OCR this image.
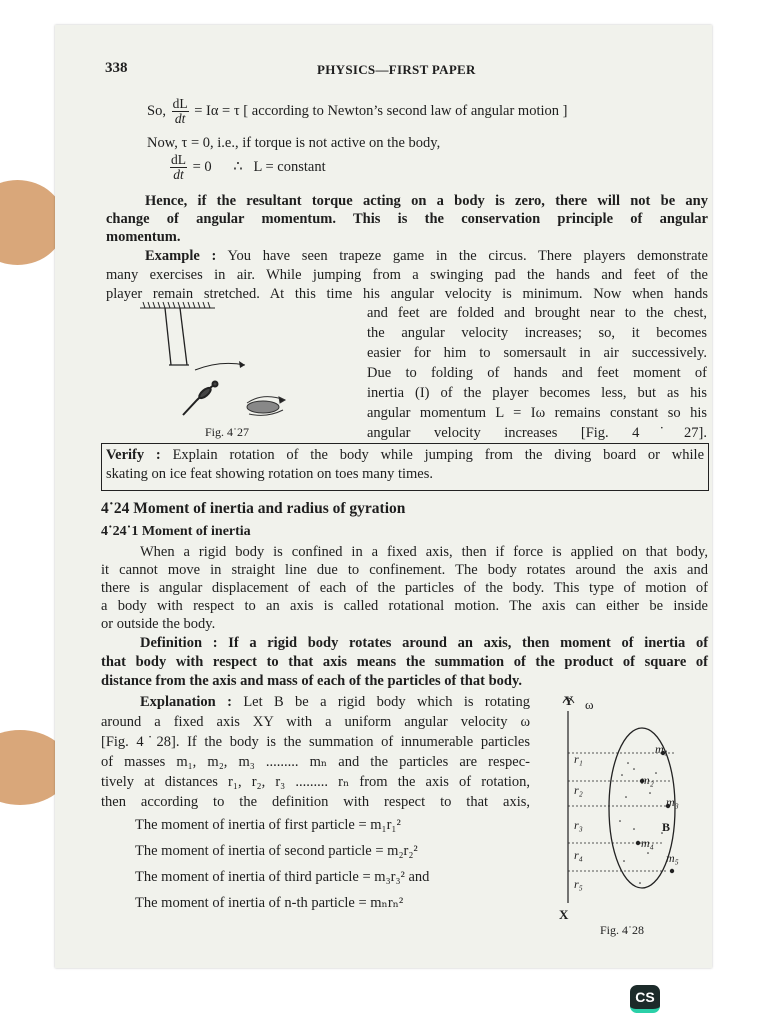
338	PHYSICS—FIRST PAPER
So, $\frac{dL}{dt} = I\alpha = \tau$ [ according to Newton’s second law of angular motion ]
Now, τ = 0, i.e., if torque is not active on the body,
$\frac{dL}{dt} = 0$      ∴   L = constant
Hence, if the resultant torque acting on a body is zero, there will not be any
change of angular momentum. This is the conservation principle of angular
momentum.
Example : You have seen trapeze game in the circus. There players demonstrate
many exercises in air. While jumping from a swinging pad the hands and feet of the
player remain stretched. At this time his angular velocity is minimum. Now when hands
and feet are folded and brought near to the chest,
the angular velocity increases; so, it becomes
easier for him to somersault in air successively.
Due to folding of hands and feet moment of
inertia (I) of the player becomes less, but as his
angular momentum L = Iω remains constant so his
angular velocity increases [Fig. 4˙27].
Fig. 4˙27
Verify : Explain rotation of the body while jumping from the diving board or while
skating on ice feat showing rotation on toes many times.
4˙24 Moment of inertia and radius of gyration
4˙24˙1 Moment of inertia
When a rigid body is confined in a fixed axis, then if force is applied on that body,
it cannot move in straight line due to confinement. The body rotates around the axis and
there is angular displacement of each of the particles of the body. This type of motion of
a body with respect to an axis is called rotational motion. The axis can either be inside
or outside the body.
Definition : If a rigid body rotates around an axis, then moment of inertia of
that body with respect to that axis means the summation of the product of square of
distance from the axis and mass of each of the particles of that body.
Explanation : Let B be a rigid body which is rotating
around a fixed axis XY with a uniform angular velocity ω
[Fig. 4˙28]. If the body is the summation of innumerable particles
of masses m₁, m₂, m₃ ......... mₙ and the particles are respec-
tively at distances r₁, r₂, r₃ ......... rₙ from the axis of rotation,
then according to the definition with respect to that axis,
The moment of inertia of first particle = m₁r₁²
The moment of inertia of second particle = m₂r₂²
The moment of inertia of third particle = m₃r₃² and
The moment of inertia of n-th particle = mₙrₙ²
Y ω
X
r₁
r₂
r₃
r₄
r₅
m₁
m₂
m₃
B
m₄
m₅
Fig. 4˙28
CS
